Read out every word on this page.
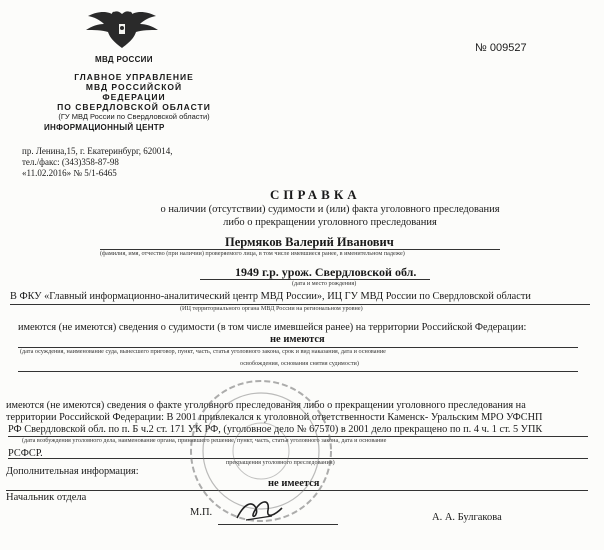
МВД РОССИИ
ГЛАВНОЕ УПРАВЛЕНИЕ
МВД РОССИЙСКОЙ ФЕДЕРАЦИИ
ПО СВЕРДЛОВСКОЙ ОБЛАСТИ
(ГУ МВД России по Свердловской области)
ИНФОРМАЦИОННЫЙ ЦЕНТР
пр. Ленина,15, г. Екатеринбург, 620014,
тел./факс: (343)358-87-98
«11.02.2016» № 5/1-6465
№ 009527
СПРАВКА
о наличии (отсутствии) судимости и (или) факта уголовного преследования
либо о прекращении уголовного преследования
Пермяков Валерий Иванович
(фамилия, имя, отчество (при наличии) проверяемого лица, в том числе имевшиеся ранее, в именительном падеже)
1949 г.р. урож. Свердловской обл.
(дата и место рождения)
В ФКУ «Главный информационно-аналитический центр МВД России», ИЦ ГУ МВД России по Свердловской области
(ИЦ территориального органа МВД России на региональном уровне)
имеются (не имеются) сведения о судимости (в том числе имевшейся ранее) на территории Российской Федерации:
не имеются
(дата осуждения, наименование суда, вынесшего приговор, пункт, часть, статья уголовного закона, срок и вид наказания, дата и основание
освобождения, основания снятия судимости)
имеются (не имеются) сведения о факте уголовного преследования либо о прекращении уголовного преследования на
территории Российской Федерации: В 2001 привлекался к уголовной ответственности Каменск- Уральским МРО УФСНП
РФ Свердловской обл. по п. Б ч.2 ст. 171 УК РФ, (уголовное дело № 67570) в 2001 дело прекращено по п. 4 ч. 1 ст. 5 УПК
(дата возбуждения уголовного дела, наименование органа, принявшего решение, пункт, часть, статья уголовного закона, дата и основание
РСФСР.
прекращения уголовного преследования)
Дополнительная информация:
не имеется
Начальник отдела
М.П.	А. А. Булгакова
